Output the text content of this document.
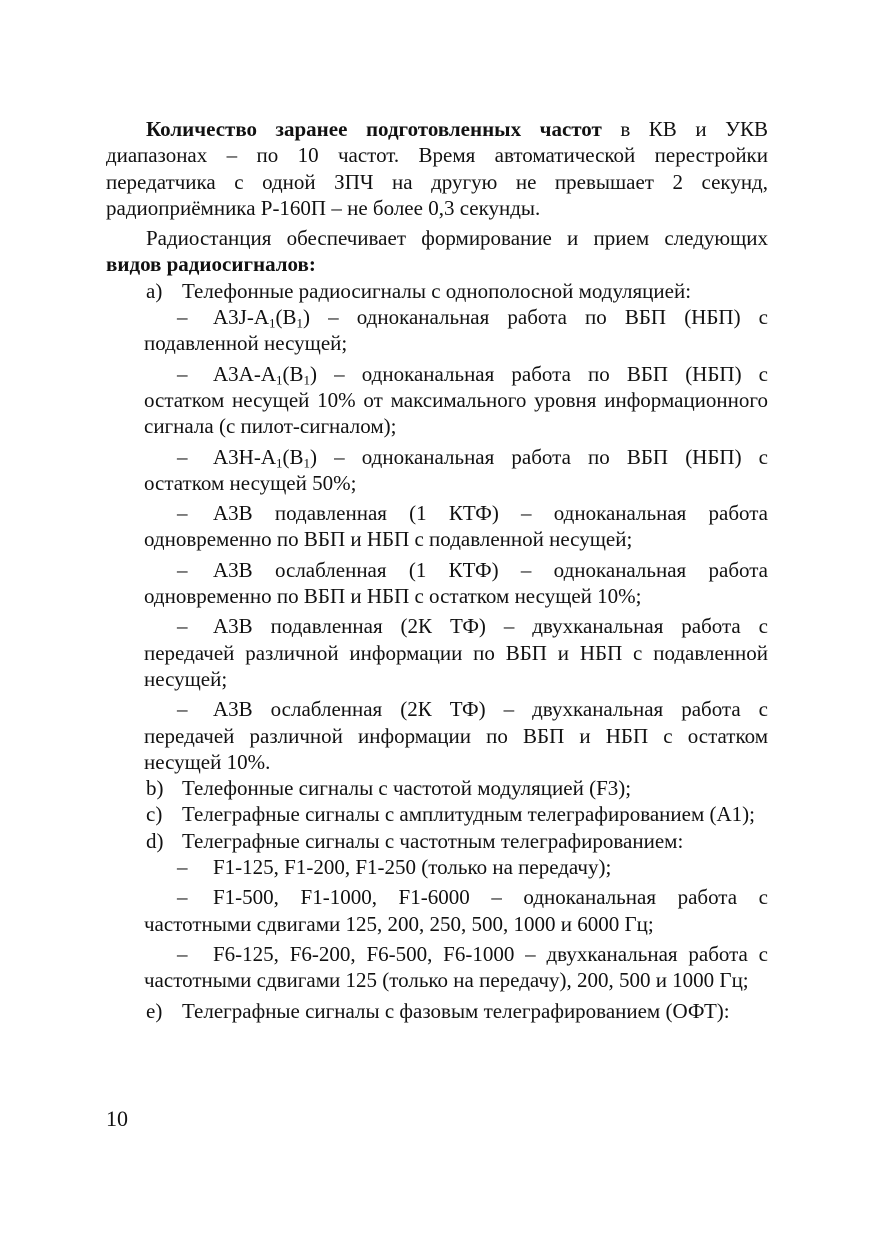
Количество заранее подготовленных частот в КВ и УКВ диапазонах – по 10 частот. Время автоматической перестройки передатчика с одной ЗПЧ на другую не превышает 2 секунд, радиоприёмника Р-160П – не более 0,3 секунды.

Радиостанция обеспечивает формирование и прием следующих видов радиосигналов:

a) Телефонные радиосигналы с однополосной модуляцией:

– $A3J-A_1(B_1)$ – одноканальная работа по ВБП (НБП) с подавленной несущей;

– $А3А-А_1(В_1)$ – одноканальная работа по ВБП (НБП) с остатком несущей 10% от максимального уровня информационного сигнала (с пилот-сигналом);

– $А3Н-А_1(В_1)$ – одноканальная работа по ВБП (НБП) с остатком несущей 50%;

– А3В подавленная (1 КТФ) – одноканальная работа одновременно по ВБП и НБП с подавленной несущей;

– А3В ослабленная (1 КТФ) – одноканальная работа одновременно по ВБП и НБП с остатком несущей 10%;

– А3В подавленная (2К ТФ) – двухканальная работа с передачей различной информации по ВБП и НБП с подавленной несущей;

– А3В ослабленная (2К ТФ) – двухканальная работа с передачей различной информации по ВБП и НБП с остатком несущей 10%.

b) Телефонные сигналы с частотой модуляцией (F3);

c) Телеграфные сигналы с амплитудным телеграфированием (А1);

d) Телеграфные сигналы с частотным телеграфированием:

– F1-125, F1-200, F1-250 (только на передачу);

– F1-500, F1-1000, F1-6000 – одноканальная работа с частотными сдвигами 125, 200, 250, 500, 1000 и 6000 Гц;

– F6-125, F6-200, F6-500, F6-1000 – двухканальная работа с частотными сдвигами 125 (только на передачу), 200, 500 и 1000 Гц;

e) Телеграфные сигналы с фазовым телеграфированием (ОФТ):

10
